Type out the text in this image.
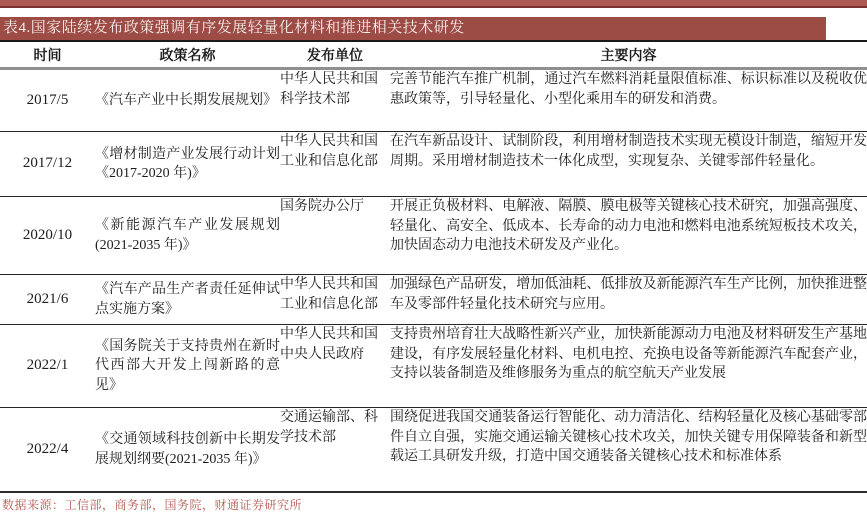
表4.国家陆续发布政策强调有序发展轻量化材料和推进相关技术研发
时间	政策名称	发布单位	主要内容
2017/5	《汽车产业中长期发展规划》	中华人民共和国科学技术部	完善节能汽车推广机制，通过汽车燃料消耗量限值标准、标识标准以及税收优惠政策等，引导轻量化、小型化乘用车的研发和消费。
2017/12	《增材制造产业发展行动计划《2017-2020 年)》	中华人民共和国工业和信息化部	在汽车新品设计、试制阶段，利用增材制造技术实现无模设计制造，缩短开发周期。采用增材制造技术一体化成型，实现复杂、关键零部件轻量化。
2020/10	《新能源汽车产业发展规划(2021-2035 年)》	国务院办公厅	开展正负极材料、电解液、隔膜、膜电极等关键核心技术研究，加强高强度、轻量化、高安全、低成本、长寿命的动力电池和燃料电池系统短板技术攻关，加快固态动力电池技术研发及产业化。
2021/6	《汽车产品生产者责任延伸试点实施方案》	中华人民共和国工业和信息化部	加强绿色产品研发，增加低油耗、低排放及新能源汽车生产比例，加快推进整车及零部件轻量化技术研究与应用。
2022/1	《国务院关于支持贵州在新时代西部大开发上闯新路的意见》	中华人民共和国中央人民政府	支持贵州培育壮大战略性新兴产业，加快新能源动力电池及材料研发生产基地建设，有序发展轻量化材料、电机电控、充换电设备等新能源汽车配套产业，支持以装备制造及维修服务为重点的航空航天产业发展
2022/4	《交通领域科技创新中长期发展规划纲要(2021-2035 年)》	交通运输部、科学技术部	围绕促进我国交通装备运行智能化、动力清洁化、结构轻量化及核心基础零部件自立自强，实施交通运输关键核心技术攻关，加快关键专用保障装备和新型载运工具研发升级，打造中国交通装备关键核心技术和标准体系
数据来源：工信部，商务部，国务院，财通证券研究所
